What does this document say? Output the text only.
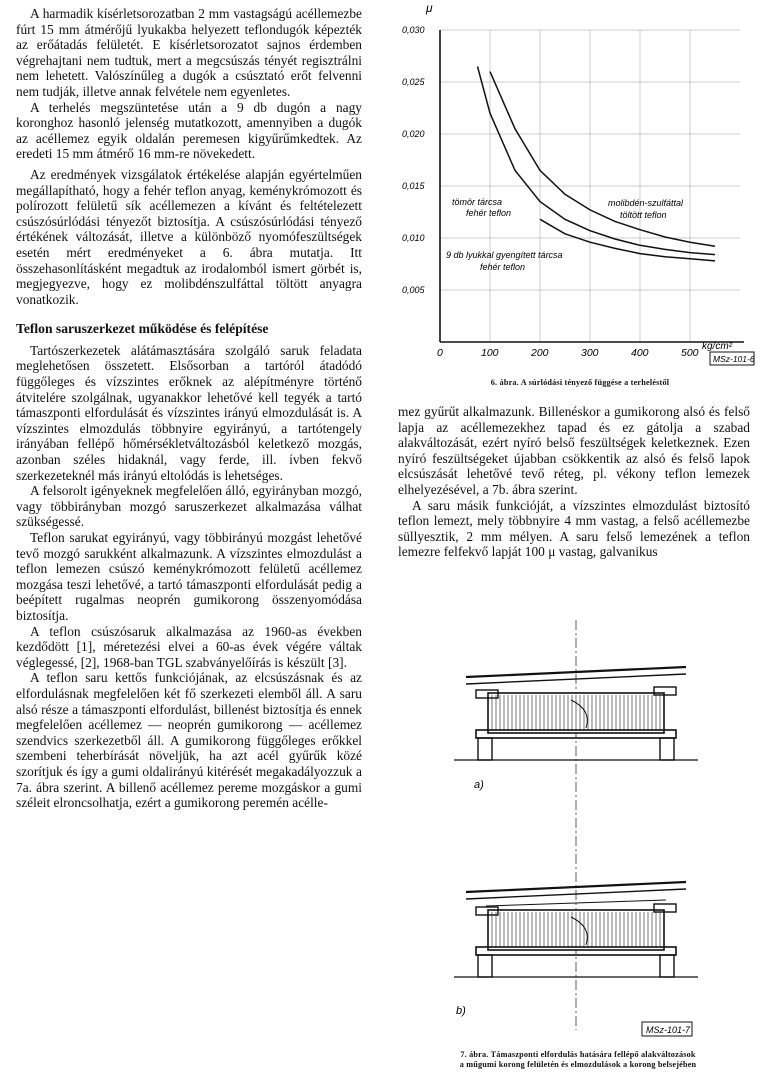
A harmadik kísérletsorozatban 2 mm vastagságú acéllemezbe fúrt 15 mm átmérőjű lyukakba helyezett teflondugók képezték az erőátadás felületét. E kísérletsorozatot sajnos érdemben végrehajtani nem tudtuk, mert a megcsúszás tényét regisztrálni nem lehetett. Valószínűleg a dugók a csúsztató erőt felvenni nem tudják, illetve annak felvétele nem egyenletes.

A terhelés megszüntetése után a 9 db dugón a nagy koronghoz hasonló jelenség mutatkozott, amennyiben a dugók az acéllemez egyik oldalán peremesen kigyűrűmkedtek. Az eredeti 15 mm átmérő 16 mm-re növekedett.

Az eredmények vizsgálatok értékelése alapján egyértelműen megállapítható, hogy a fehér teflon anyag, keménykrómozott és polírozott felületű sík acéllemezen a kívánt és feltételezett csúszósúrlódási tényezőt biztosítja. A csúszósúrlódási tényező értékének változását, illetve a különböző nyomófeszültségek esetén mért eredményeket a 6. ábra mutatja. Itt összehasonlításként megadtuk az irodalomból ismert görbét is, megjegyezve, hogy ez molibdénszulfáttal töltött anyagra vonatkozik.

Teflon saruszerkezet működése és felépítése

Tartószerkezetek alátámasztására szolgáló saruk feladata meglehetősen összetett. Elsősorban a tartóról átadódó függőleges és vízszintes erőknek az alépítményre történő átvitelére szolgálnak, ugyanakkor lehetővé kell tegyék a tartó támaszponti elfordulását és vízszintes irányú elmozdulását is. A vízszintes elmozdulás többnyire egyirányú, a tartótengely irányában fellépő hőmérsékletváltozásból keletkező mozgás, azonban széles hidaknál, vagy ferde, ill. ívben fekvő szerkezeteknél más irányú eltolódás is lehetséges.

A felsorolt igényeknek megfelelően álló, egyirányban mozgó, vagy többirányban mozgó saruszerkezet alkalmazása válhat szükségessé.

Teflon sarukat egyirányú, vagy többirányú mozgást lehetővé tevő mozgó sarukként alkalmazunk. A vízszintes elmozdulást a teflon lemezen csúszó keménykrómozott felületű acéllemez mozgása teszi lehetővé, a tartó támaszponti elfordulását pedig a beépített rugalmas neoprén gumikorong összenyomódása biztosítja.

A teflon csúszósaruk alkalmazása az 1960-as években kezdődött [1], méretezési elvei a 60-as évek végére váltak véglegessé, [2], 1968-ban TGL szabványelőírás is készült [3].

A teflon saru kettős funkciójának, az elcsúszásnak és az elfordulásnak megfelelően két fő szerkezeti elemből áll. A saru alsó része a támaszponti elfordulást, billenést biztosítja és ennek megfelelően acéllemez — neoprén gumikorong — acéllemez szendvics szerkezetből áll. A gumikorong függőleges erőkkel szembeni teherbírását növeljük, ha azt acél gyűrűk közé szorítjuk és így a gumi oldalirányú kitérését megakadályozzuk a 7a. ábra szerint. A billenő acéllemez pereme mozgáskor a gumi széleit elroncsolhatja, ezért a gumikorong peremén acélle-

mez gyűrűt alkalmazunk. Billenéskor a gumikorong alsó és felső lapja az acéllemezekhez tapad és ez gátolja a szabad alakváltozását, ezért nyíró belső feszültségek keletkeznek. Ezen nyíró feszültségeket újabban csökkentik az alsó és felső lapok elcsúszását lehetővé tevő réteg, pl. vékony teflon lemezek elhelyezésével, a 7b. ábra szerint.

A saru másik funkcióját, a vízszintes elmozdulást biztosító teflon lemezt, mely többnyire 4 mm vastag, a felső acéllemezbe süllyesztik, 2 mm mélyen. A saru felső lemezének a teflon lemezre felfekvő lapját 100 μ vastag, galvanikus

μ
0,005
0,010
0,015
0,020
0,025
0,030
0	100	200	300	400	500
tömör tárcsa
fehér teflon
molibdén-szulfáttal
töltött teflon
9 db lyukkal gyengített tárcsa
fehér teflon
kg/cm²
MSz-101-6
6. ábra. A súrlódási tényező függése a terheléstől
a)
b)
MSz-101-7
7. ábra. Támaszponti elfordulás hatására fellépő alakváltozások
a műgumi korong felületén és elmozdulások a korong belsejében
